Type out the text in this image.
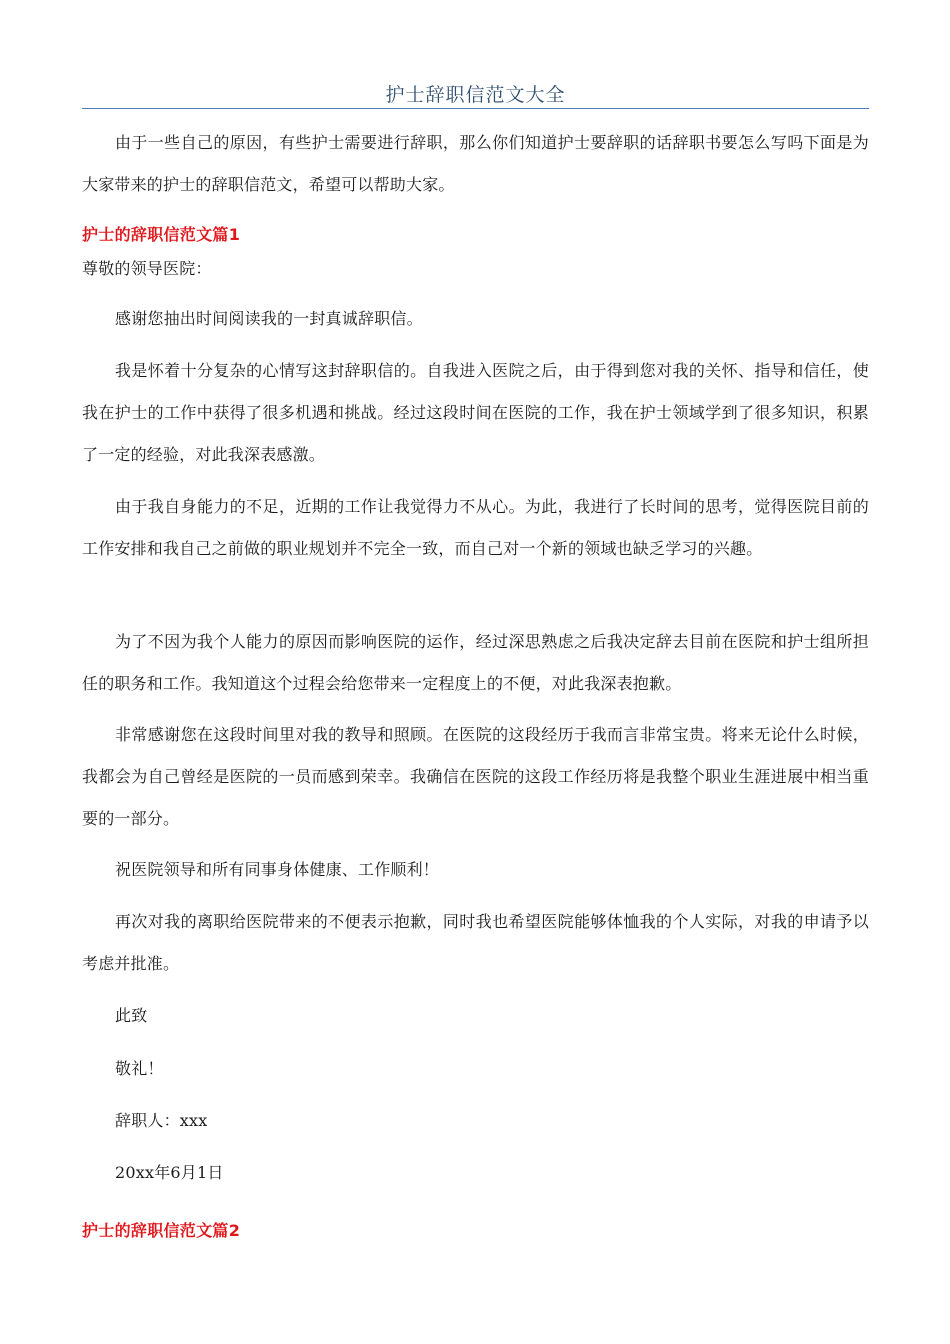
护士辞职信范文大全
由于一些自己的原因，有些护士需要进行辞职，那么你们知道护士要辞职的话辞职书要怎么写吗下面是为大家带来的护士的辞职信范文，希望可以帮助大家。
护士的辞职信范文篇1
尊敬的领导医院：
感谢您抽出时间阅读我的一封真诚辞职信。
我是怀着十分复杂的心情写这封辞职信的。自我进入医院之后，由于得到您对我的关怀、指导和信任，使我在护士的工作中获得了很多机遇和挑战。经过这段时间在医院的工作，我在护士领域学到了很多知识，积累了一定的经验，对此我深表感激。
由于我自身能力的不足，近期的工作让我觉得力不从心。为此，我进行了长时间的思考，觉得医院目前的工作安排和我自己之前做的职业规划并不完全一致，而自己对一个新的领域也缺乏学习的兴趣。
为了不因为我个人能力的原因而影响医院的运作，经过深思熟虑之后我决定辞去目前在医院和护士组所担任的职务和工作。我知道这个过程会给您带来一定程度上的不便，对此我深表抱歉。
非常感谢您在这段时间里对我的教导和照顾。在医院的这段经历于我而言非常宝贵。将来无论什么时候，我都会为自己曾经是医院的一员而感到荣幸。我确信在医院的这段工作经历将是我整个职业生涯进展中相当重要的一部分。
祝医院领导和所有同事身体健康、工作顺利！
再次对我的离职给医院带来的不便表示抱歉，同时我也希望医院能够体恤我的个人实际，对我的申请予以考虑并批准。
此致
敬礼！
辞职人：xxx
20xx年6月1日
护士的辞职信范文篇2
